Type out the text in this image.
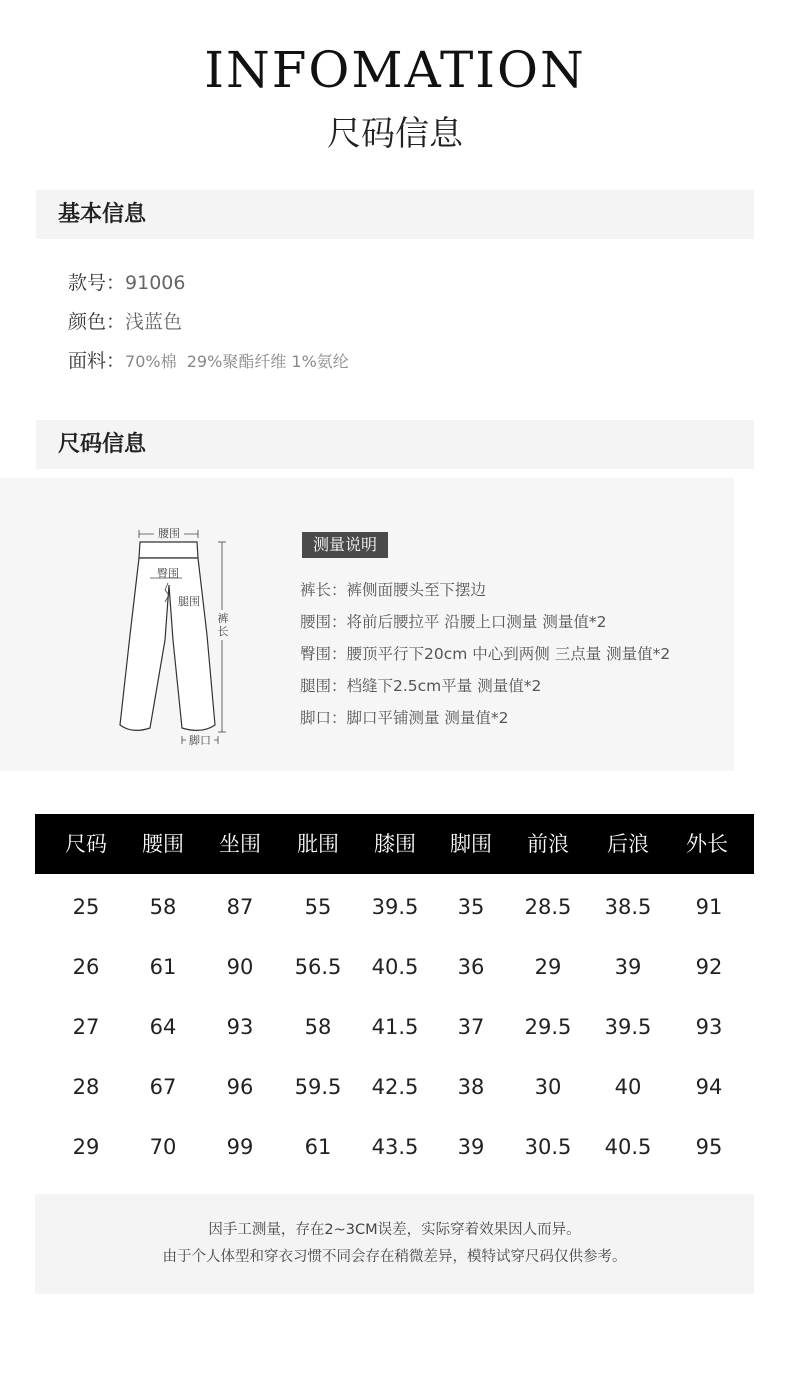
INFOMATION
尺码信息
基本信息
款号：91006
颜色：浅蓝色
面料：70%棉  29%聚酯纤维 1%氨纶
尺码信息
腰围
臀围
腿围
裤
长
脚口
测量说明
裤长：裤侧面腰头至下摆边
腰围：将前后腰拉平 沿腰上口测量 测量值*2
臀围：腰顶平行下20cm 中心到两侧 三点量 测量值*2
腿围：档缝下2.5cm平量 测量值*2
脚口：脚口平铺测量 测量值*2
尺码	腰围	坐围	肶围	膝围	脚围	前浪	后浪	外长
25	58	87	55	39.5	35	28.5	38.5	91
26	61	90	56.5	40.5	36	29	39	92
27	64	93	58	41.5	37	29.5	39.5	93
28	67	96	59.5	42.5	38	30	40	94
29	70	99	61	43.5	39	30.5	40.5	95
因手工测量，存在2~3CM误差，实际穿着效果因人而异。
由于个人体型和穿衣习惯不同会存在稍微差异，模特试穿尺码仅供参考。
